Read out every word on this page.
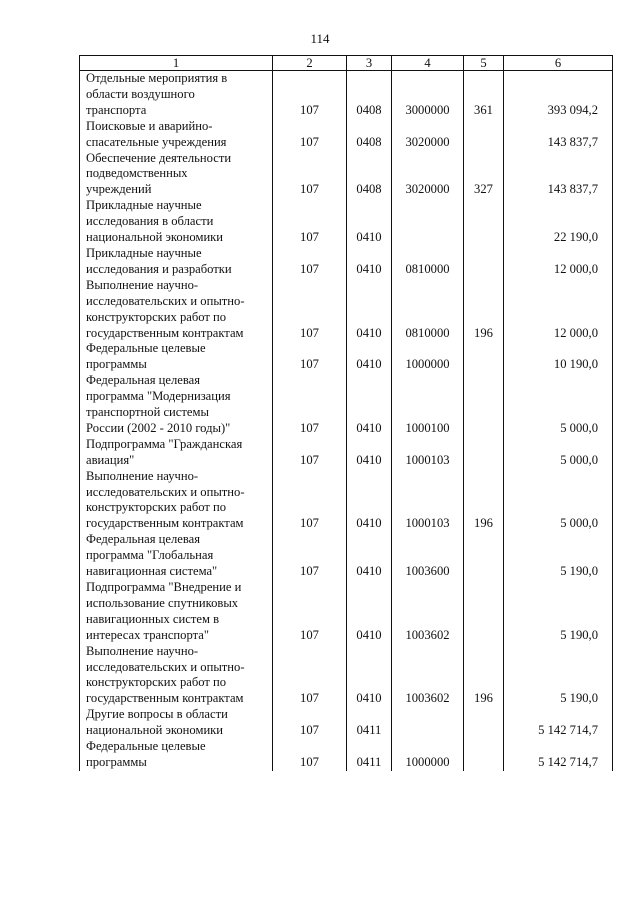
114
1	2	3	4	5	6

Отдельные мероприятия в
области воздушного
транспорта	107	0408	3000000	361	393 094,2

Поисковые и аварийно-
спасательные учреждения	107	0408	3020000		143 837,7

Обеспечение деятельности
подведомственных
учреждений	107	0408	3020000	327	143 837,7

Прикладные научные
исследования в области
национальной экономики	107	0410			22 190,0

Прикладные научные
исследования и разработки	107	0410	0810000		12 000,0

Выполнение научно-
исследовательских и опытно-
конструкторских работ по
государственным контрактам	107	0410	0810000	196	12 000,0

Федеральные целевые
программы	107	0410	1000000		10 190,0

Федеральная целевая
программа "Модернизация
транспортной системы
России (2002 - 2010 годы)"	107	0410	1000100		5 000,0

Подпрограмма "Гражданская
авиация"	107	0410	1000103		5 000,0

Выполнение научно-
исследовательских и опытно-
конструкторских работ по
государственным контрактам	107	0410	1000103	196	5 000,0

Федеральная целевая
программа "Глобальная
навигационная система"	107	0410	1003600		5 190,0

Подпрограмма "Внедрение и
использование спутниковых
навигационных систем в
интересах транспорта"	107	0410	1003602		5 190,0

Выполнение научно-
исследовательских и опытно-
конструкторских работ по
государственным контрактам	107	0410	1003602	196	5 190,0

Другие вопросы в области
национальной экономики	107	0411			5 142 714,7

Федеральные целевые
программы	107	0411	1000000		5 142 714,7
